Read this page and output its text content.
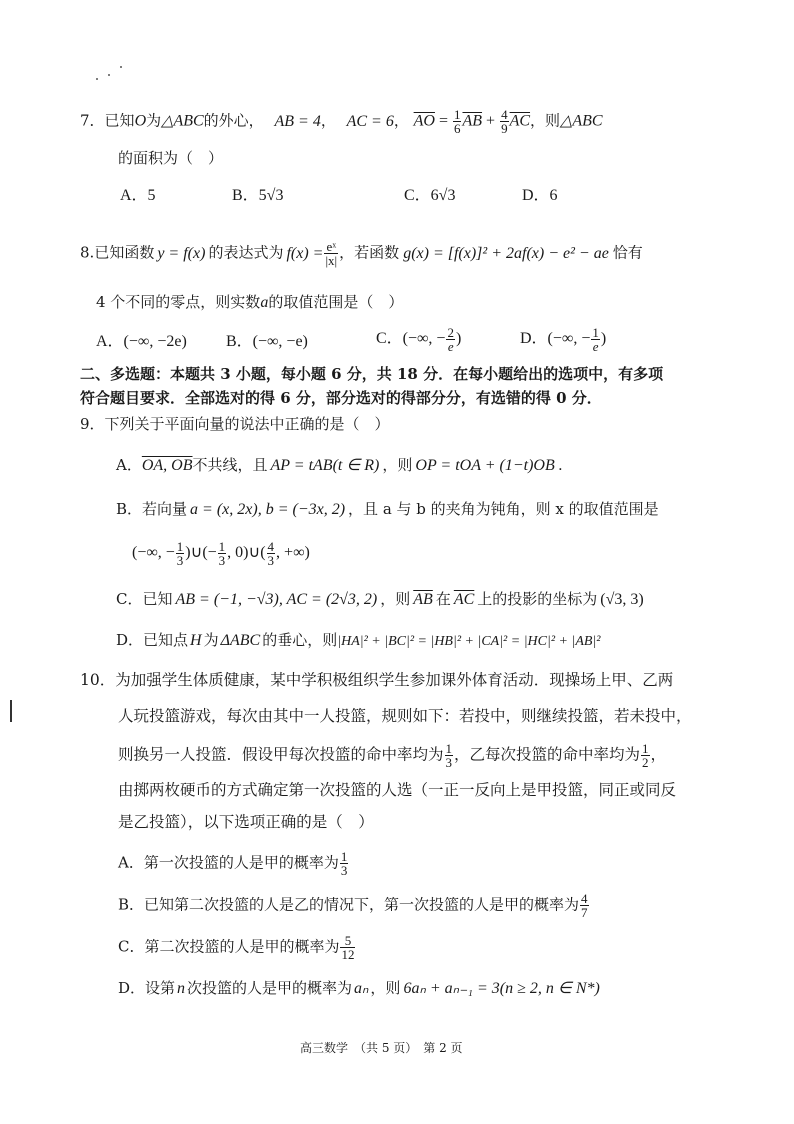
7．已知O为△ABC的外心， AB = 4， AC = 6， $\overline{AO} = \frac{1}{6} \overline{AB} + \frac{4}{9} \overline{AC}$，则△ABC
的面积为（　）
A．5	B．5√3	C．6√3	D．6
8.已知函数 y = f(x) 的表达式为 $f(x) = \frac{\text{eˣ}}{|x|}$ ，若函数 g(x) = [f(x)]² + 2af(x) − e² − ae 恰有
4 个不同的零点，则实数a的取值范围是（　）
A．(−∞, −2e) B．(−∞, −e)	C．(−∞, − $\frac{2}{e}$ )	D．(−∞, − $\frac{1}{e}$ )
二、多选题：本题共 3 小题，每小题 6 分，共 18 分．在每小题给出的选项中，有多项
符合题目要求．全部选对的得 6 分，部分选对的得部分分，有选错的得 0 分．
9．下列关于平面向量的说法中正确的是（　）
A．OA, OB不共线，且 AP = tAB(t ∈ R) ，则 OP = tOA + (1−t)OB .
B．若向量 a = (x, 2x), b = (−3x, 2) ，且 a 与 b 的夹角为钝角，则 x 的取值范围是
(−∞, − $\frac{1}{3}$ )∪(− $\frac{1}{3}$ , 0)∪( $\frac{4}{3}$ , +∞)
C．已知 AB = (−1, −√3), AC = (2√3, 2) ，则 $\overline{AB}$ 在 $\overline{AC}$ 上的投影的坐标为 (√3, 3)
D．已知点 H 为 ΔABC 的垂心，则|HA|² + |BC|² = |HB|² + |CA|² = |HC|² + |AB|²
10．为加强学生体质健康，某中学积极组织学生参加课外体育活动．现操场上甲、乙两
人玩投篮游戏，每次由其中一人投篮，规则如下：若投中，则继续投篮，若未投中，
则换另一人投篮．假设甲每次投篮的命中率均为 $\frac{1}{3}$ ，乙每次投篮的命中率均为 $\frac{1}{2}$ ，
由掷两枚硬币的方式确定第一次投篮的人选（一正一反向上是甲投篮，同正或同反
是乙投篮），以下选项正确的是（　）
A．第一次投篮的人是甲的概率为 $\frac{1}{3}$
B．已知第二次投篮的人是乙的情况下，第一次投篮的人是甲的概率为 $\frac{4}{7}$
C．第二次投篮的人是甲的概率为 $\frac{5}{12}$
D．设第 n 次投篮的人是甲的概率为 aₙ ，则 6aₙ + aₙ₋₁ = 3(n ≥ 2, n ∈ N*)
高三数学　（共 5 页）　第 2 页
